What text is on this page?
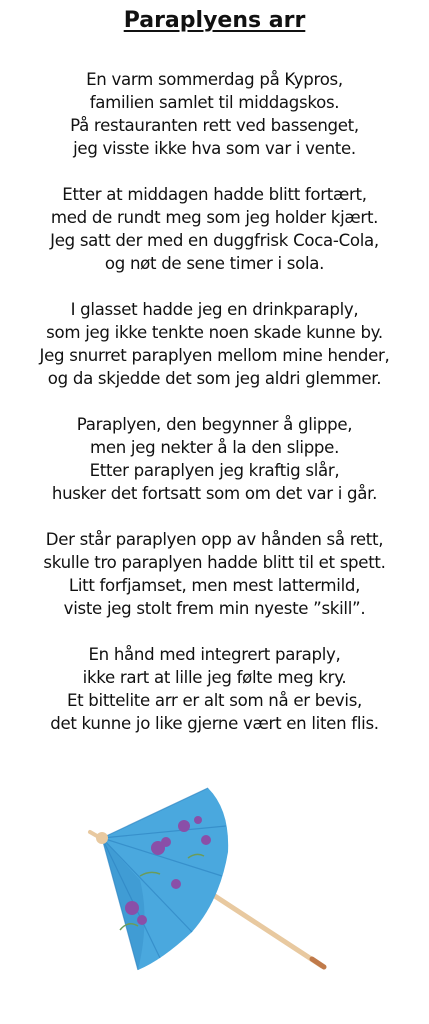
Paraplyens arr
En varm sommerdag på Kypros,
familien samlet til middagskos.
På restauranten rett ved bassenget,
jeg visste ikke hva som var i vente.
Etter at middagen hadde blitt fortært,
med de rundt meg som jeg holder kjært.
Jeg satt der med en duggfrisk Coca-Cola,
og nøt de sene timer i sola.
I glasset hadde jeg en drinkparaply,
som jeg ikke tenkte noen skade kunne by.
Jeg snurret paraplyen mellom mine hender,
og da skjedde det som jeg aldri glemmer.
Paraplyen, den begynner å glippe,
men jeg nekter å la den slippe.
Etter paraplyen jeg kraftig slår,
husker det fortsatt som om det var i går.
Der står paraplyen opp av hånden så rett,
skulle tro paraplyen hadde blitt til et spett.
Litt forfjamset, men mest lattermild,
viste jeg stolt frem min nyeste ”skill”.
En hånd med integrert paraply,
ikke rart at lille jeg følte meg kry.
Et bittelite arr er alt som nå er bevis,
det kunne jo like gjerne vært en liten flis.
